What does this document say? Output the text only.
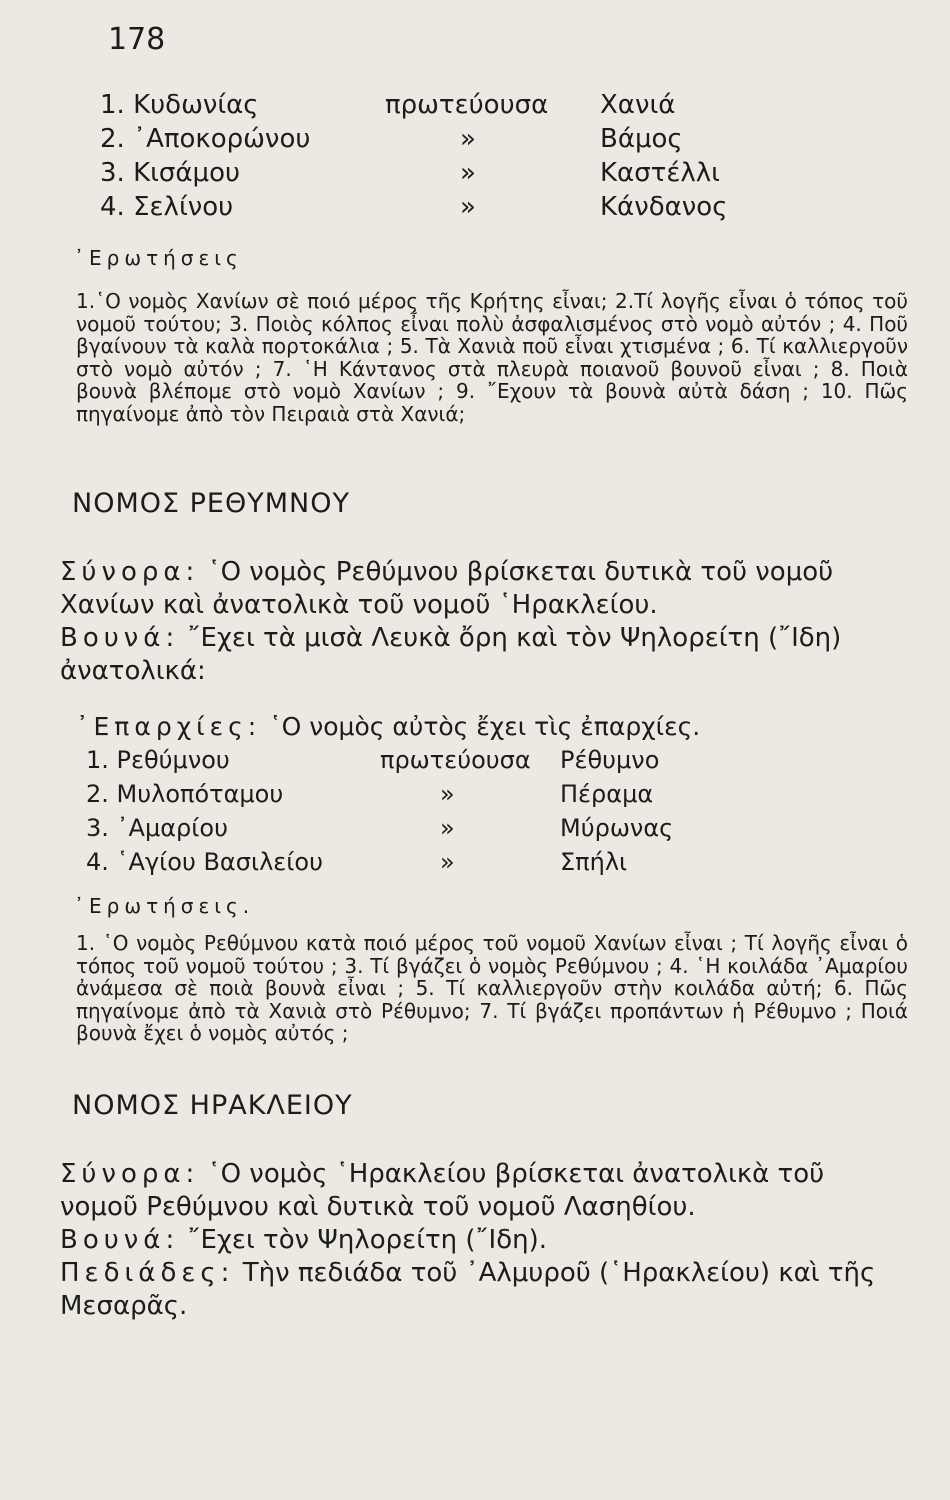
178
1. Κυδωνίας	πρωτεύουσα Χανιά
2. ᾿Αποκορώνου	»	Βάμος
3. Κισάμου	»	Καστέλλι
4. Σελίνου	»	Κάνδανος
᾿Ερωτήσεις

1.῾Ο νομὸς Χανίων σὲ ποιό μέρος τῆς Κρήτης εἶναι; 2.Τί λογῆς εἶναι ὁ τόπος τοῦ νομοῦ τούτου; 3. Ποιὸς κόλπος εἶναι πολὺ ἀσφαλισμένος στὸ νομὸ αὐτόν ; 4. Ποῦ βγαίνουν τὰ καλὰ πορτοκάλια ; 5. Τὰ Χανιὰ ποῦ εἶναι χτισμένα ; 6. Τί καλλιεργοῦν στὸ νομὸ αὐτόν ; 7. ῾Η Κάντανος στὰ πλευρὰ ποιανοῦ βουνοῦ εἶναι ; 8. Ποιὰ βουνὰ βλέπομε στὸ νομὸ Χανίων ; 9. ῎Εχουν τὰ βουνὰ αὐτὰ δάση ; 10. Πῶς πηγαίνομε ἀπὸ τὸν Πειραιὰ στὰ Χανιά;

ΝΟΜΟΣ ΡΕΘΥΜΝΟΥ

Σύνορα: ῾Ο νομὸς Ρεθύμνου βρίσκεται δυτικὰ τοῦ νομοῦ Χανίων καὶ ἀνατολικὰ τοῦ νομοῦ ῾Ηρακλείου.

Βουνά: ῎Εχει τὰ μισὰ Λευκὰ ὄρη καὶ τὸν Ψηλορείτη (῎Ιδη) ἀνατολικά:

᾿Επαρχίες: ῾Ο νομὸς αὐτὸς ἔχει τὶς ἐπαρχίες.

1. Ρεθύμνου	πρωτεύουσα Ρέθυμνο
2. Μυλοπόταμου	»	Πέραμα
3. ᾿Αμαρίου	»	Μύρωνας
4. ῾Αγίου Βασιλείου	»	Σπήλι
᾿Ερωτήσεις.

1. ῾Ο νομὸς Ρεθύμνου κατὰ ποιό μέρος τοῦ νομοῦ Χανίων εἶναι ; Τί λογῆς εἶναι ὁ τόπος τοῦ νομοῦ τούτου ; 3. Τί βγάζει ὁ νομὸς Ρεθύμνου ; 4. ῾Η κοιλάδα ᾿Αμαρίου ἀνάμεσα σὲ ποιὰ βουνὰ εἶναι ; 5. Τί καλλιεργοῦν στὴν κοιλάδα αὐτή; 6. Πῶς πηγαίνομε ἀπὸ τὰ Χανιὰ στὸ Ρέθυμνο; 7. Τί βγάζει προπάντων ἡ Ρέθυμνο ; Ποιά βουνὰ ἔχει ὁ νομὸς αὐτός ;

ΝΟΜΟΣ ΗΡΑΚΛΕΙΟΥ

Σύνορα: ῾Ο νομὸς ῾Ηρακλείου βρίσκεται ἀνατολικὰ τοῦ νομοῦ Ρεθύμνου καὶ δυτικὰ τοῦ νομοῦ Λασηθίου.

Βουνά: ῎Εχει τὸν Ψηλορείτη (῎Ιδη).

Πεδιάδες: Τὴν πεδιάδα τοῦ ᾿Αλμυροῦ (῾Ηρακλείου) καὶ τῆς Μεσαρᾶς.
